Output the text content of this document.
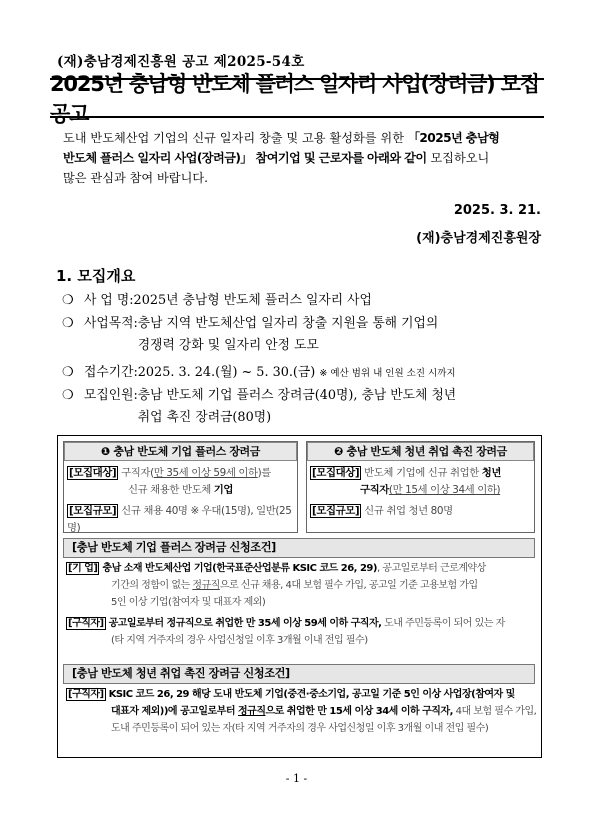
(재)충남경제진흥원 공고 제2025-54호
2025년 충남형 반도체 플러스 일자리 사업(장려금) 모집 공고
도내 반도체산업 기업의 신규 일자리 창출 및 고용 활성화를 위한 「2025년 충남형
반도체 플러스 일자리 사업(장려금)」 참여기업 및 근로자를 아래와 같이 모집하오니
많은 관심과 참여 바랍니다.
2025. 3. 21.
(재)충남경제진흥원장
1. 모집개요
❍ 사 업 명: 2025년 충남형 반도체 플러스 일자리 사업
❍ 사업목적: 충남 지역 반도체산업 일자리 창출 지원을 통해 기업의
경쟁력 강화 및 일자리 안정 도모
❍ 접수기간: 2025. 3. 24.(월) ~ 5. 30.(금) ※ 예산 범위 내 인원 소진 시까지
❍ 모집인원: 충남 반도체 기업 플러스 장려금(40명), 충남 반도체 청년
취업 촉진 장려금(80명)
❶ 충남 반도체 기업 플러스 장려금
[모집대상] 구직자(만 35세 이상 59세 이하)를
신규 채용한 반도체 기업
[모집규모] 신규 채용 40명 ※ 우대(15명), 일반(25명)
❷ 충남 반도체 청년 취업 촉진 장려금
[모집대상] 반도체 기업에 신규 취업한 청년
구직자(만 15세 이상 34세 이하)
[모집규모] 신규 취업 청년 80명
[충남 반도체 기업 플러스 장려금 신청조건]
[기 업] 충남 소재 반도체산업 기업(한국표준산업분류 KSIC 코드 26, 29), 공고일로부터 근로계약상
기간의 정함이 없는 정규직으로 신규 채용, 4대 보험 필수 가입, 공고일 기준 고용보험 가입
5인 이상 기업(참여자 및 대표자 제외)
[구직자] 공고일로부터 정규직으로 취업한 만 35세 이상 59세 이하 구직자, 도내 주민등록이 되어 있는 자
(타 지역 거주자의 경우 사업신청일 이후 3개월 이내 전입 필수)
[충남 반도체 청년 취업 촉진 장려금 신청조건]
[구직자] KSIC 코드 26, 29 해당 도내 반도체 기업(중견·중소기업, 공고일 기준 5인 이상 사업장(참여자 및
대표자 제외))에 공고일로부터 정규직으로 취업한 만 15세 이상 34세 이하 구직자, 4대 보험 필수 가입,
도내 주민등록이 되어 있는 자(타 지역 거주자의 경우 사업신청일 이후 3개월 이내 전입 필수)
- 1 -
